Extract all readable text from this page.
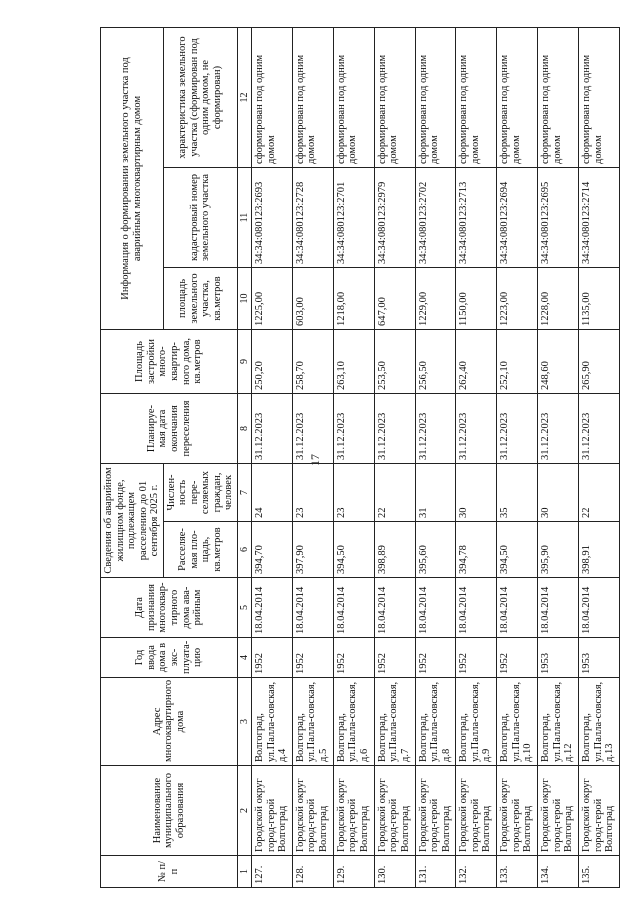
17
№ п/п	Наименование муниципального образования	Адрес многоквартирного дома	Год ввода дома в экс-плуата-цию	Дата признания многоквар-тирного дома ава-рийным	Сведения об аварийном жилищном фонде, подлежащем расселению до 01 сентября 2025 г.		Планируе-мая дата окончания переселения	Площадь застройки много-квартир-ного дома, кв.метров	Информация о формировании земельного участка под аварийным многоквартирным домом		
					Расселяе-мая пло-щадь, кв.метров	Числен-ность пере-селяемых граждан, человек			площадь земельного участка, кв.метров	кадастровый номер земельного участка	характеристика земельного участка (сформирован под одним домом, не сформирован)
1	2	3	4	5	6	7	8	9	10	11	12
127.	Городской округ город-герой Волгоград	Волгоград, ул.Палла-совская, д.4	1952	18.04.2014	394,70	24	31.12.2023	250,20	1225,00	34:34:080123:2693	сформирован под одним домом
128.	Городской округ город-герой Волгоград	Волгоград, ул.Палла-совская, д.5	1952	18.04.2014	397,90	23	31.12.2023	258,70	603,00	34:34:080123:2728	сформирован под одним домом
129.	Городской округ город-герой Волгоград	Волгоград, ул.Палла-совская, д.6	1952	18.04.2014	394,50	23	31.12.2023	263,10	1218,00	34:34:080123:2701	сформирован под одним домом
130.	Городской округ город-герой Волгоград	Волгоград, ул.Палла-совская, д.7	1952	18.04.2014	398,89	22	31.12.2023	253,50	647,00	34:34:080123:2979	сформирован под одним домом
131.	Городской округ город-герой Волгоград	Волгоград, ул.Палла-совская, д.8	1952	18.04.2014	395,60	31	31.12.2023	256,50	1229,00	34:34:080123:2702	сформирован под одним домом
132.	Городской округ город-герой Волгоград	Волгоград, ул.Палла-совская, д.9	1952	18.04.2014	394,78	30	31.12.2023	262,40	1150,00	34:34:080123:2713	сформирован под одним домом
133.	Городской округ город-герой Волгоград	Волгоград, ул.Палла-совская, д.10	1952	18.04.2014	394,50	35	31.12.2023	252,10	1223,00	34:34:080123:2694	сформирован под одним домом
134.	Городской округ город-герой Волгоград	Волгоград, ул.Палла-совская, д.12	1953	18.04.2014	395,90	30	31.12.2023	248,60	1228,00	34:34:080123:2695	сформирован под одним домом
135.	Городской округ город-герой Волгоград	Волгоград, ул.Палла-совская, д.13	1953	18.04.2014	398,91	22	31.12.2023	265,90	1135,00	34:34:080123:2714	сформирован под одним домом
